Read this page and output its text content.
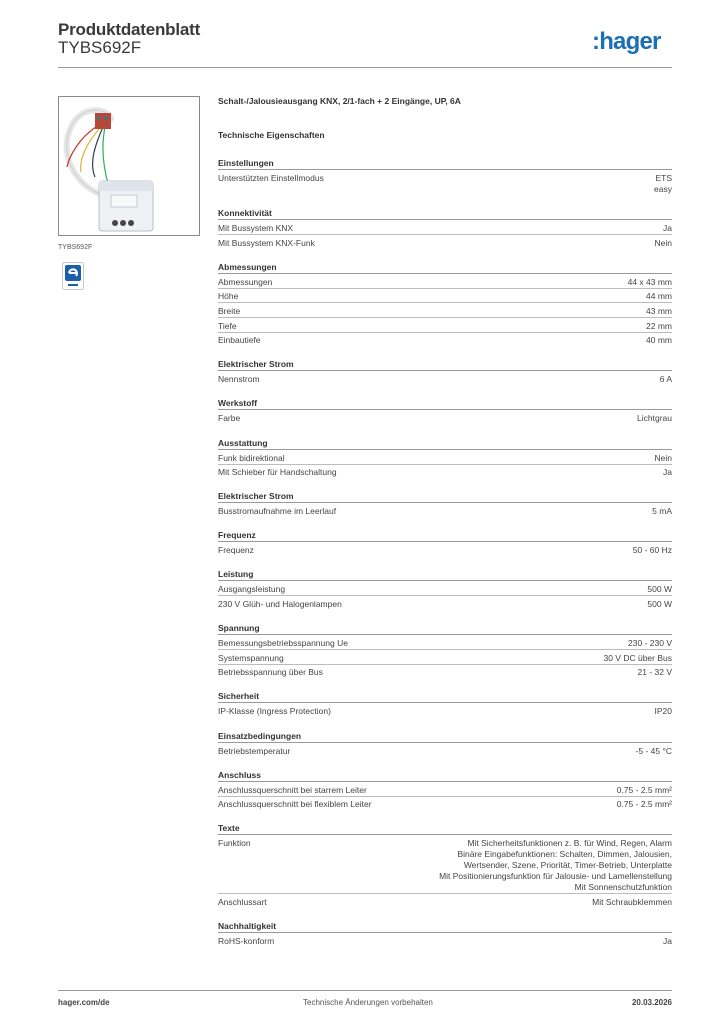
Produktdatenblatt
TYBS692F	:hager
TYBS692F
Schalt-/Jalousieausgang KNX, 2/1-fach + 2 Eingänge, UP, 6A
Technische Eigenschaften
Einstellungen
Unterstützten Einstellmodus	ETS
easy
Konnektivität
Mit Bussystem KNX	Ja
Mit Bussystem KNX-Funk	Nein
Abmessungen
Abmessungen	44 x 43 mm
Höhe	44 mm
Breite	43 mm
Tiefe	22 mm
Einbautiefe	40 mm
Elektrischer Strom
Nennstrom	6 A
Werkstoff
Farbe	Lichtgrau
Ausstattung
Funk bidirektional	Nein
Mit Schieber für Handschaltung	Ja
Elektrischer Strom
Busstromaufnahme im Leerlauf	5 mA
Frequenz
Frequenz	50 - 60 Hz
Leistung
Ausgangsleistung	500 W
230 V Glüh- und Halogenlampen	500 W
Spannung
Bemessungsbetriebsspannung Ue	230 - 230 V
Systemspannung	30 V DC über Bus
Betriebsspannung über Bus	21 - 32 V
Sicherheit
IP-Klasse (Ingress Protection)	IP20
Einsatzbedingungen
Betriebstemperatur	-5 - 45 °C
Anschluss
Anschlussquerschnitt bei starrem Leiter	0.75 - 2.5 mm²
Anschlussquerschnitt bei flexiblem Leiter	0.75 - 2.5 mm²
Texte
Funktion	Mit Sicherheitsfunktionen z. B. für Wind, Regen, Alarm
Binäre Eingabefunktionen: Schalten, Dimmen, Jalousien,
Wertsender, Szene, Priorität, Timer-Betrieb, Unterplatte
Mit Positionierungsfunktion für Jalousie- und Lamellenstellung
Mit Sonnenschutzfunktion
Anschlussart	Mit Schraubklemmen
Nachhaltigkeit
RoHS-konform	Ja
hager.com/de	Technische Änderungen vorbehalten	20.03.2026
